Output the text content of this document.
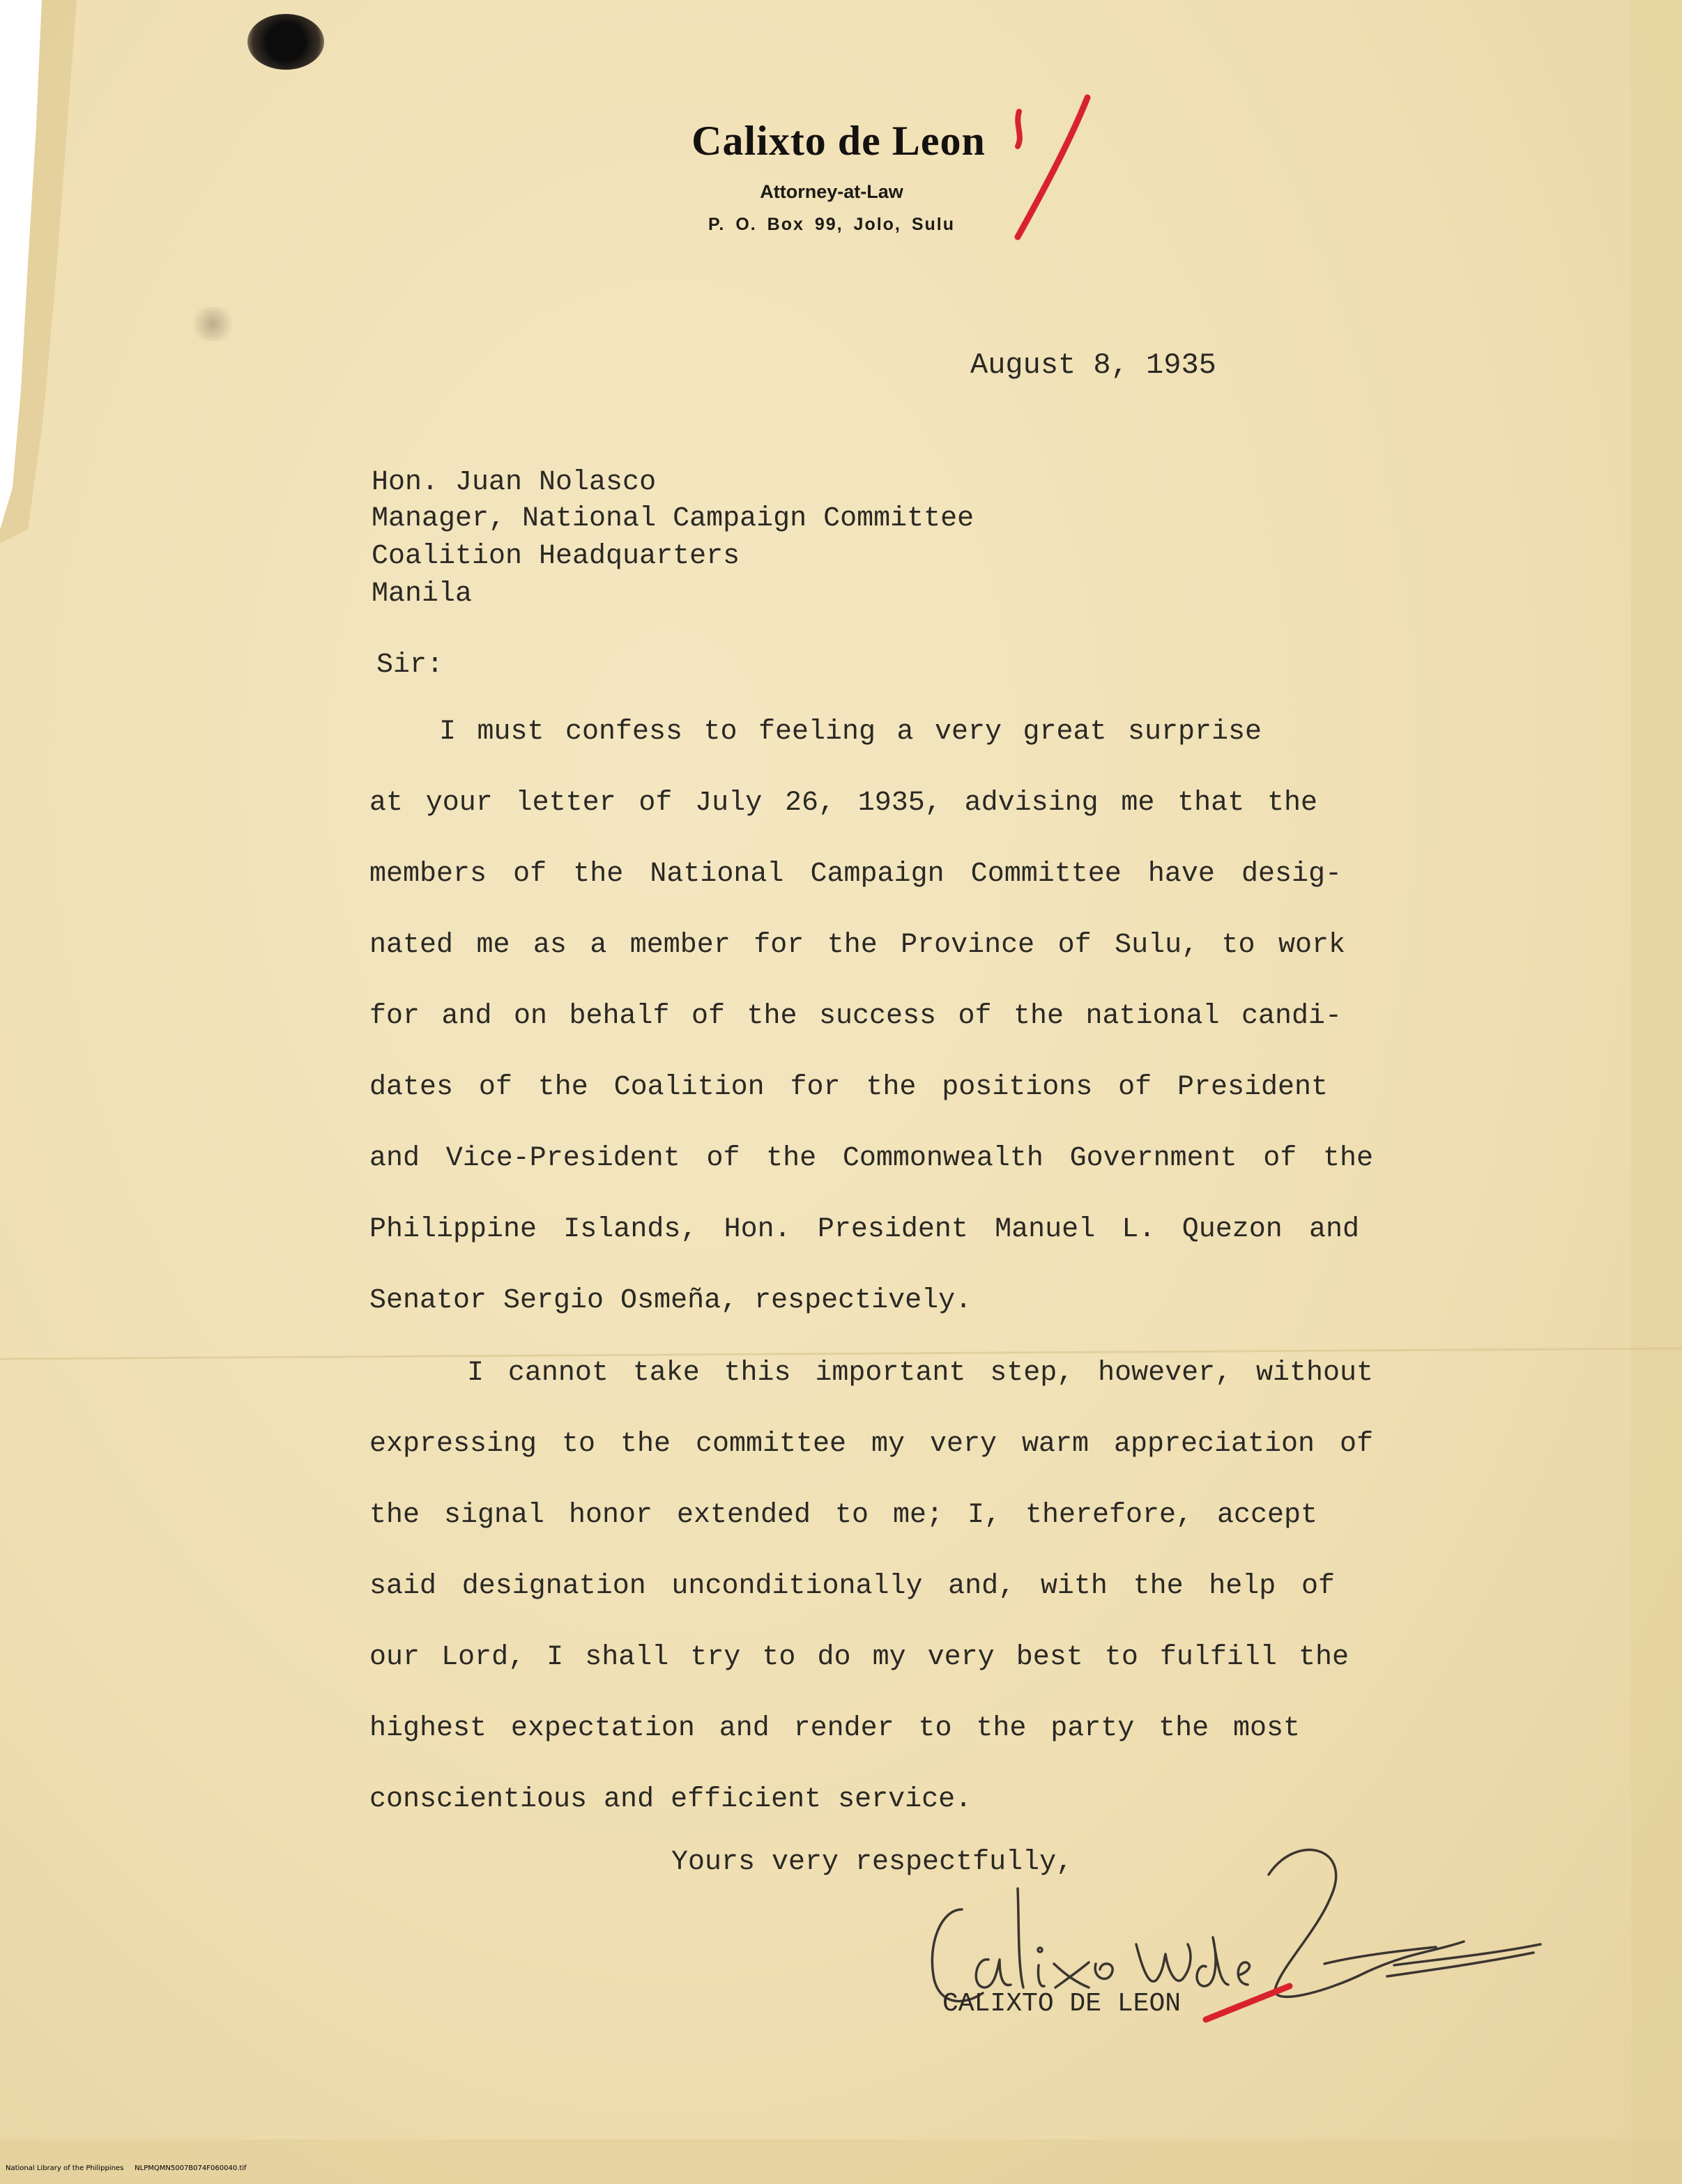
Calixto de Leon
Attorney-at-Law
P. O. Box 99, Jolo, Sulu
August 8, 1935
Hon. Juan Nolasco
Manager, National Campaign Committee
Coalition Headquarters
Manila
Sir:
I must confess to feeling a very great surprise
at your letter of July 26, 1935, advising me that the
members of the National Campaign Committee have desig-
nated me as a member for the Province of Sulu, to work
for and on behalf of the success of the national candi-
dates of the Coalition for the positions of President
and Vice-President of the Commonwealth Government of the
Philippine Islands, Hon. President Manuel L. Quezon and
Senator Sergio Osmeña, respectively.
I cannot take this important step, however, without
expressing to the committee my very warm appreciation of
the signal honor extended to me; I, therefore, accept
said designation unconditionally and, with the help of
our Lord, I shall try to do my very best to fulfill the
highest expectation and render to the party the most
conscientious and efficient service.
Yours very respectfully,
CALIXTO DE LEON
National Library of the Philippines     NLPMQMN5007B074F060040.tif
